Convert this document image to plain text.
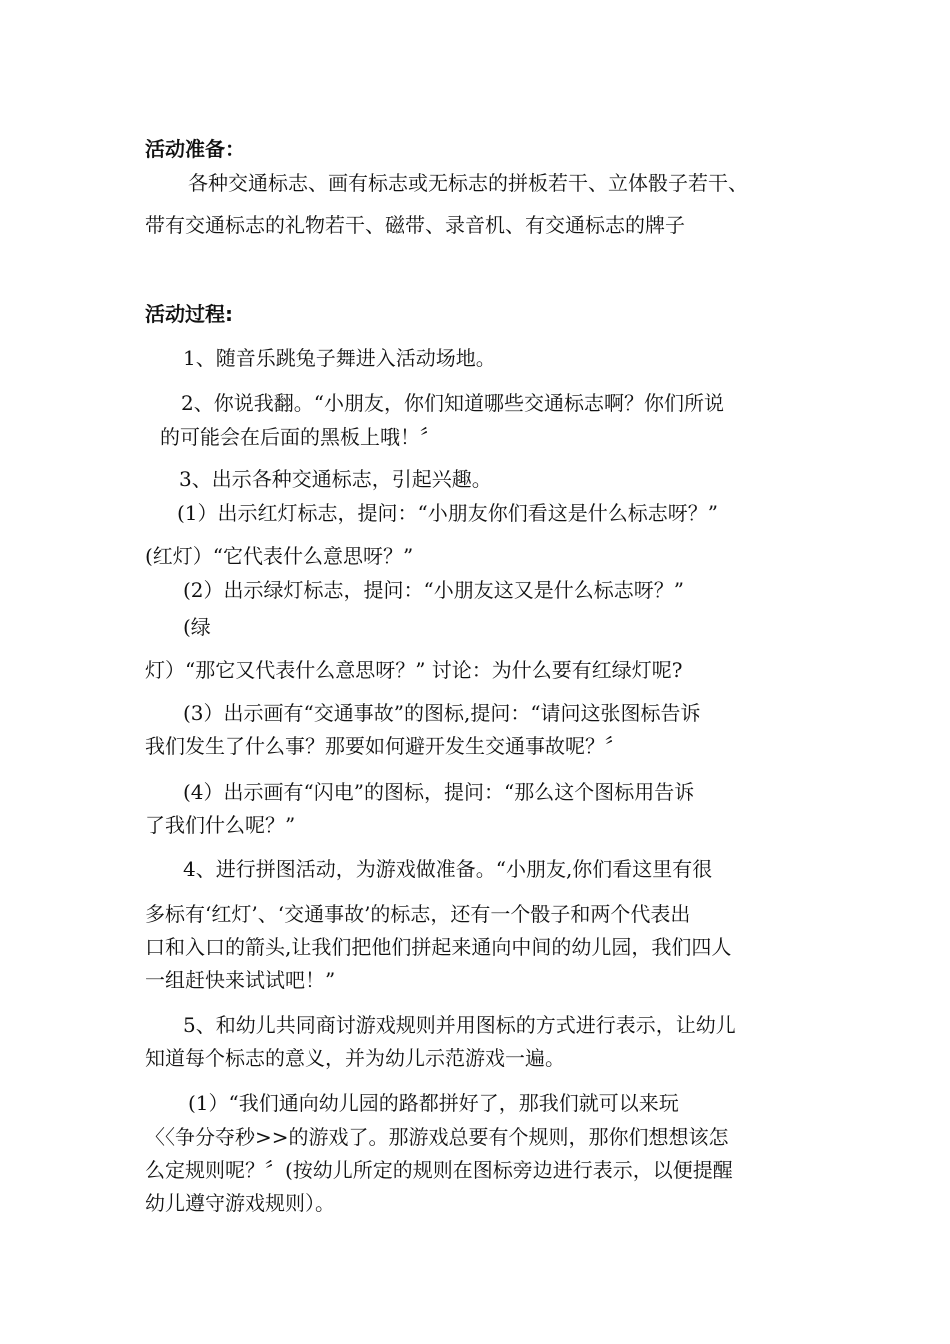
活动准备：
各种交通标志、画有标志或无标志的拼板若干、立体骰子若干、
带有交通标志的礼物若干、磁带、录音机、有交通标志的牌子
活动过程:
1、随音乐跳兔子舞进入活动场地。
2、你说我翻。“小朋友，你们知道哪些交通标志啊？你们所说
的可能会在后面的黑板上哦！〞
3、出示各种交通标志，引起兴趣。
(1）出示红灯标志，提问：“小朋友你们看这是什么标志呀？”
(红灯）“它代表什么意思呀？”
(2）出示绿灯标志，提问：“小朋友这又是什么标志呀？”
(绿
灯）“那它又代表什么意思呀？” 讨论：为什么要有红绿灯呢?
(3）出示画有“交通事故”的图标,提问：“请问这张图标告诉
我们发生了什么事？那要如何避开发生交通事故呢？〞
(4）出示画有“闪电”的图标，提问：“那么这个图标用告诉
了我们什么呢？”
4、进行拼图活动，为游戏做准备。“小朋友,你们看这里有很
多标有‘红灯’、‘交通事故’的标志，还有一个骰子和两个代表出
口和入口的箭头,让我们把他们拼起来通向中间的幼儿园，我们四人
一组赶快来试试吧！”
5、和幼儿共同商讨游戏规则并用图标的方式进行表示，让幼儿
知道每个标志的意义，并为幼儿示范游戏一遍。
(1）“我们通向幼儿园的路都拼好了，那我们就可以来玩
〈〈争分夺秒>>的游戏了。那游戏总要有个规则，那你们想想该怎
么定规则呢？〞(按幼儿所定的规则在图标旁边进行表示，以便提醒
幼儿遵守游戏规则）。
